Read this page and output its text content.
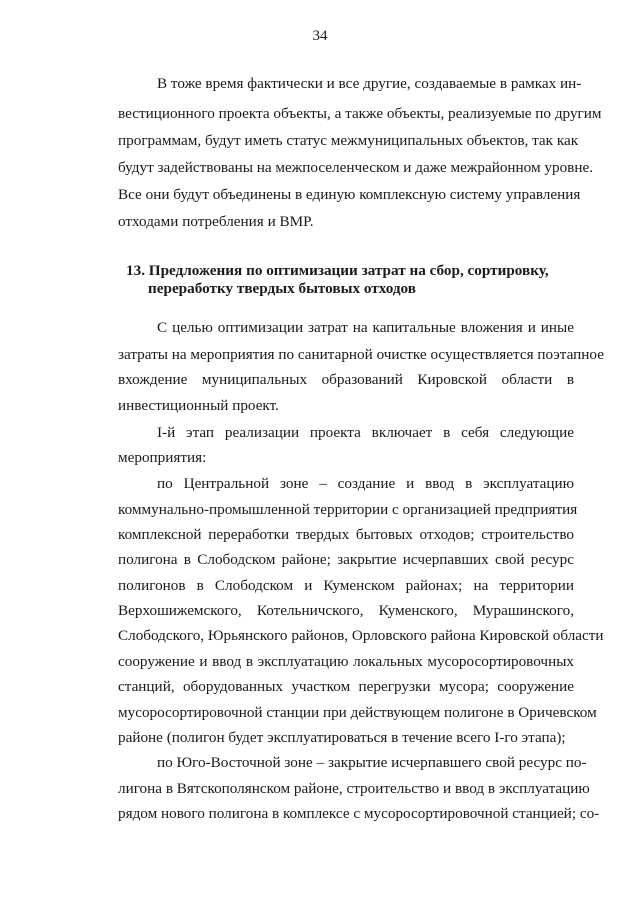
34
В тоже время фактически и все другие, создаваемые в рамках ин-
вестиционного проекта объекты, а также объекты, реализуемые по другим
программам, будут иметь статус межмуниципальных объектов, так как
будут задействованы на межпоселенческом и даже межрайонном уровне.
Все они будут объединены в единую комплексную систему управления
отходами потребления и ВМР.
13. Предложения по оптимизации затрат на сбор, сортировку,
переработку твердых бытовых отходов
С целью оптимизации затрат на капитальные вложения и иные
затраты на мероприятия по санитарной очистке осуществляется поэтапное
вхождение муниципальных образований Кировской области в
инвестиционный проект.
I-й этап реализации проекта включает в себя следующие
мероприятия:
по Центральной зоне – создание и ввод в эксплуатацию
коммунально-промышленной территории с организацией предприятия
комплексной переработки твердых бытовых отходов; строительство
полигона в Слободском районе; закрытие исчерпавших свой ресурс
полигонов в Слободском и Куменском районах; на территории
Верхошижемского, Котельничского, Куменского, Мурашинского,
Слободского, Юрьянского районов, Орловского района Кировской области
сооружение и ввод в эксплуатацию локальных мусоросортировочных
станций, оборудованных участком перегрузки мусора; сооружение
мусоросортировочной станции при действующем полигоне в Оричевском
районе (полигон будет эксплуатироваться в течение всего I-го этапа);
по Юго-Восточной зоне – закрытие исчерпавшего свой ресурс по-
лигона в Вятскополянском районе, строительство и ввод в эксплуатацию
рядом нового полигона в комплексе с мусоросортировочной станцией; со-
